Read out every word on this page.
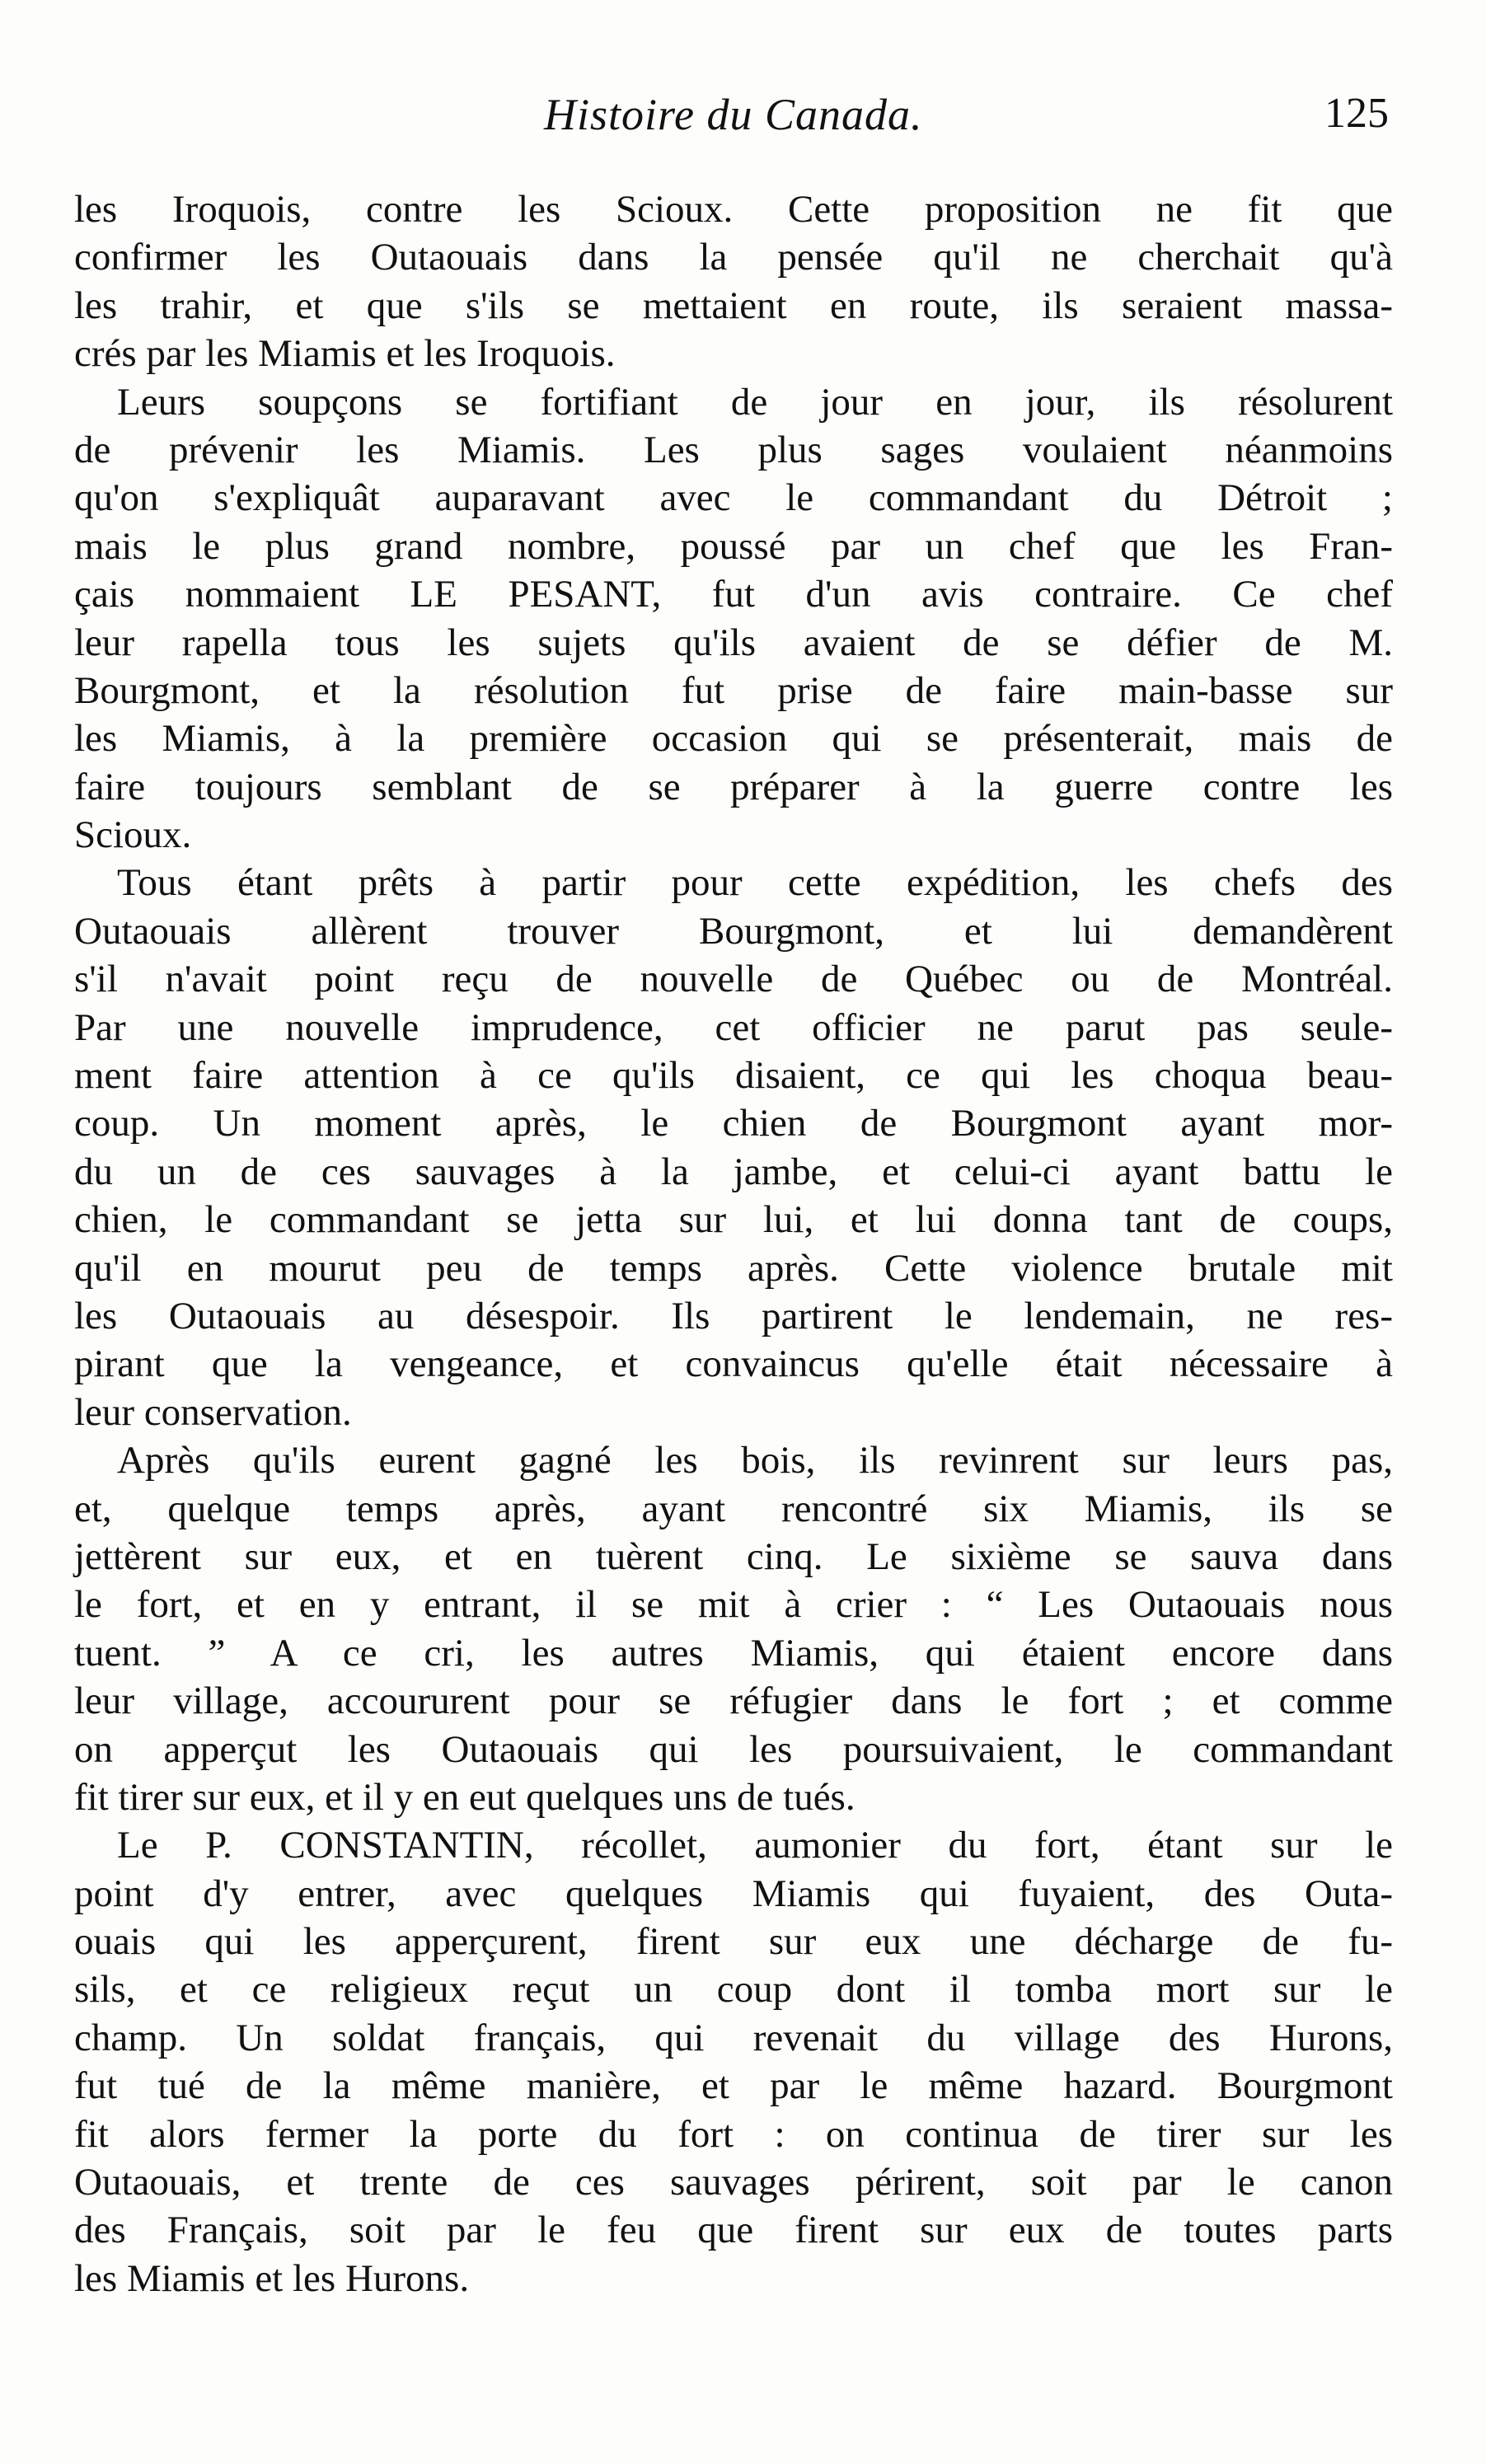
Histoire du Canada.	125
les Iroquois, contre les Scioux. Cette proposition ne fit que
confirmer les Outaouais dans la pensée qu'il ne cherchait qu'à
les trahir, et que s'ils se mettaient en route, ils seraient massa-
crés par les Miamis et les Iroquois.
Leurs soupçons se fortifiant de jour en jour, ils résolurent
de prévenir les Miamis. Les plus sages voulaient néanmoins
qu'on s'expliquât auparavant avec le commandant du Détroit ;
mais le plus grand nombre, poussé par un chef que les Fran-
çais nommaient LE PESANT, fut d'un avis contraire. Ce chef
leur rapella tous les sujets qu'ils avaient de se défier de M.
Bourgmont, et la résolution fut prise de faire main-basse sur
les Miamis, à la première occasion qui se présenterait, mais de
faire toujours semblant de se préparer à la guerre contre les
Scioux.
Tous étant prêts à partir pour cette expédition, les chefs des
Outaouais allèrent trouver Bourgmont, et lui demandèrent
s'il n'avait point reçu de nouvelle de Québec ou de Montréal.
Par une nouvelle imprudence, cet officier ne parut pas seule-
ment faire attention à ce qu'ils disaient, ce qui les choqua beau-
coup. Un moment après, le chien de Bourgmont ayant mor-
du un de ces sauvages à la jambe, et celui-ci ayant battu le
chien, le commandant se jetta sur lui, et lui donna tant de coups,
qu'il en mourut peu de temps après. Cette violence brutale mit
les Outaouais au désespoir. Ils partirent le lendemain, ne res-
pirant que la vengeance, et convaincus qu'elle était nécessaire à
leur conservation.
Après qu'ils eurent gagné les bois, ils revinrent sur leurs pas,
et, quelque temps après, ayant rencontré six Miamis, ils se
jettèrent sur eux, et en tuèrent cinq. Le sixième se sauva dans
le fort, et en y entrant, il se mit à crier : “ Les Outaouais nous
tuent. ” A ce cri, les autres Miamis, qui étaient encore dans
leur village, accoururent pour se réfugier dans le fort ; et comme
on apperçut les Outaouais qui les poursuivaient, le commandant
fit tirer sur eux, et il y en eut quelques uns de tués.
Le P. CONSTANTIN, récollet, aumonier du fort, étant sur le
point d'y entrer, avec quelques Miamis qui fuyaient, des Outa-
ouais qui les apperçurent, firent sur eux une décharge de fu-
sils, et ce religieux reçut un coup dont il tomba mort sur le
champ. Un soldat français, qui revenait du village des Hurons,
fut tué de la même manière, et par le même hazard. Bourgmont
fit alors fermer la porte du fort : on continua de tirer sur les
Outaouais, et trente de ces sauvages périrent, soit par le canon
des Français, soit par le feu que firent sur eux de toutes parts
les Miamis et les Hurons.
